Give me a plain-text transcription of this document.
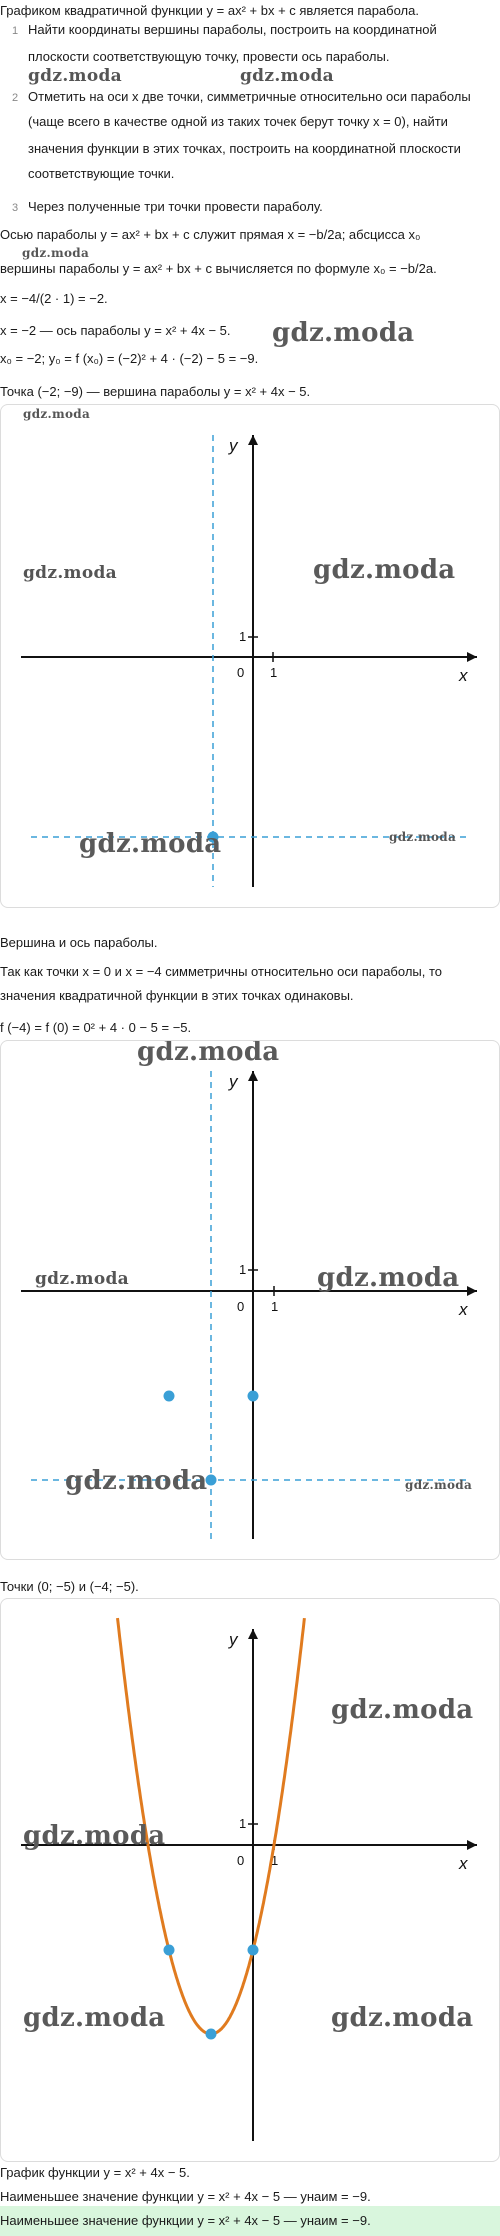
Графиком квадратичной функции y = ax² + bx + c является парабола.
1 Найти координаты вершины параболы, построить на координатной
плоскости соответствующую точку, провести ось параболы.
gdz.moda	gdz.moda
2 Отметить на оси x две точки, симметричные относительно оси параболы
(чаще всего в качестве одной из таких точек берут точку x = 0), найти
значения функции в этих точках, построить на координатной плоскости
соответствующие точки.
3 Через полученные три точки провести параболу.
Осью параболы y = ax² + bx + c служит прямая x = −b/2a; абсцисса x₀
gdz.moda
вершины параболы y = ax² + bx + c вычисляется по формуле x₀ = −b/2a.
x = −4/(2 · 1) = −2.
x = −2 — ось параболы y = x² + 4x − 5.	gdz.moda
x₀ = −2; y₀ = f (x₀) = (−2)² + 4 · (−2) − 5 = −9.
Точка (−2; −9) — вершина параболы y = x² + 4x − 5.
x
y
0 1
1
gdz.moda
gdz.moda	gdz.moda
gdz.moda	gdz.moda
Вершина и ось параболы.
Так как точки x = 0 и x = −4 симметричны относительно оси параболы, то
значения квадратичной функции в этих точках одинаковы.
f (−4) = f (0) = 0² + 4 · 0 − 5 = −5.
x
y
0 1
1
gdz.moda
gdz.moda	gdz.moda
gdz.moda	gdz.moda
Точки (0; −5) и (−4; −5).
x
y
0 1
1
gdz.moda
gdz.moda
gdz.moda	gdz.moda
График функции y = x² + 4x − 5.
Наименьшее значение функции y = x² + 4x − 5 — yнаим = −9.
Наименьшее значение функции y = x² + 4x − 5 — yнаим = −9.
